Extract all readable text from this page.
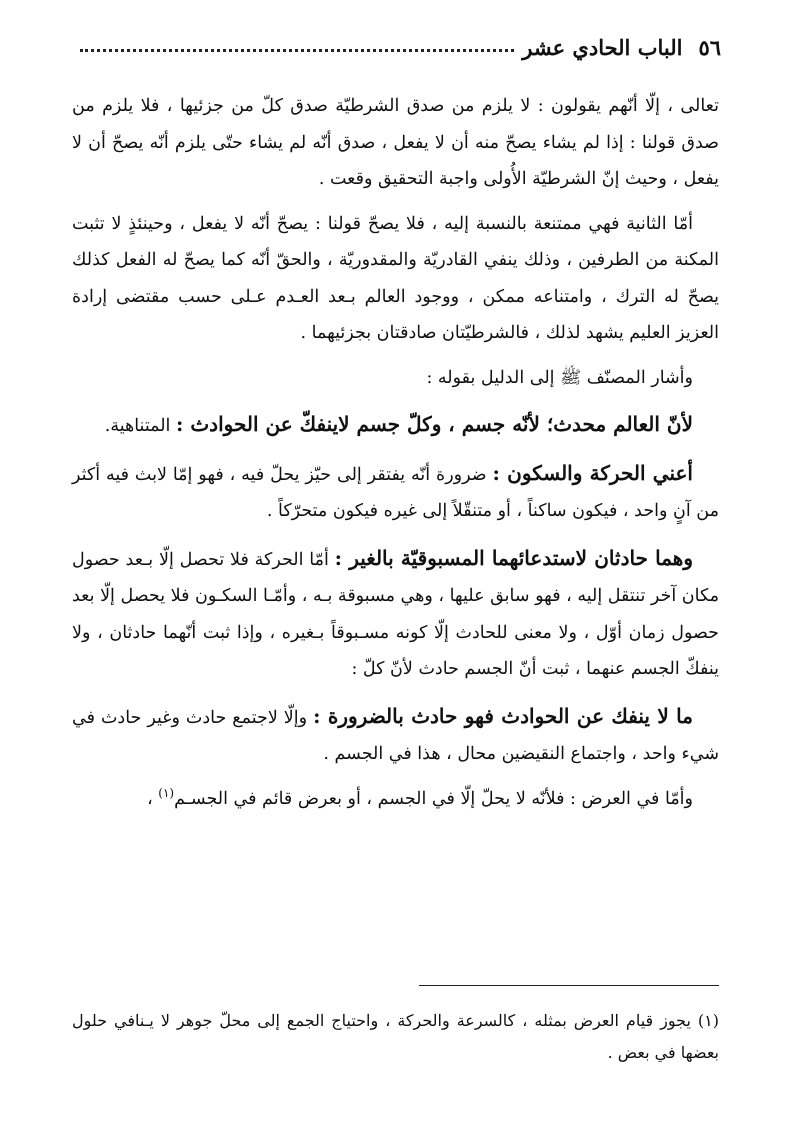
٥٦
الباب الحادي عشر

تعالى ، إلّا أنّهم يقولون : لا يلزم من صدق الشرطيّة صدق كلّ من جزئيها ، فلا يلزم من صدق قولنا : إذا لم يشاء يصحّ منه أن لا يفعل ، صدق أنّه لم يشاء حتّى يلزم أنّه يصحّ أن لا يفعل ، وحيث إنّ الشرطيّة الأُولى واجبة التحقيق وقعت .

أمّا الثانية فهي ممتنعة بالنسبة إليه ، فلا يصحّ قولنا : يصحّ أنّه لا يفعل ، وحينئذٍ لا تثبت المكنة من الطرفين ، وذلك ينفي القادريّة والمقدوريّة ، والحقّ أنّه كما يصحّ له الفعل كذلك يصحّ له الترك ، وامتناعه ممكن ، ووجود العالم بـعد العـدم عـلى حسب مقتضى إرادة العزيز العليم يشهد لذلك ، فالشرطيّتان صادقتان بجزئيهما .

وأشار المصنّف ﷺ إلى الدليل بقوله :

لأنّ العالم محدث؛ لأنّه جسم ، وكلّ جسم لاينفكّ عن الحوادث : المتناهية.

أعني الحركة والسكون : ضرورة أنّه يفتقر إلى حيّز يحلّ فيه ، فهو إمّا لابث فيه أكثر من آنٍ واحد ، فيكون ساكناً ، أو متنقّلاً إلى غيره فيكون متحرّكاً .

وهما حادثان لاستدعائهما المسبوقيّة بالغير : أمّا الحركة فلا تحصل إلّا بـعد حصول مكان آخر تنتقل إليه ، فهو سابق عليها ، وهي مسبوقة بـه ، وأمّـا السكـون فلا يحصل إلّا بعد حصول زمان أوّل ، ولا معنى للحادث إلّا كونه مسـبوقاً بـغيره ، وإذا ثبت أنّهما حادثان ، ولا ينفكّ الجسم عنهما ، ثبت أنّ الجسم حادث لأنّ كلّ :

ما لا ينفك عن الحوادث فهو حادث بالضرورة : وإلّا لاجتمع حادث وغير حادث في شيء واحد ، واجتماع النقيضين محال ، هذا في الجسم .

وأمّا في العرض : فلأنّه لا يحلّ إلّا في الجسم ، أو بعرض قائم في الجسـم$^{(١)}$ ،

(١) يجوز قيام العرض بمثله ، كالسرعة والحركة ، واحتياج الجمع إلى محلّ جوهر لا يـنافي حلول بعضها في بعض .
